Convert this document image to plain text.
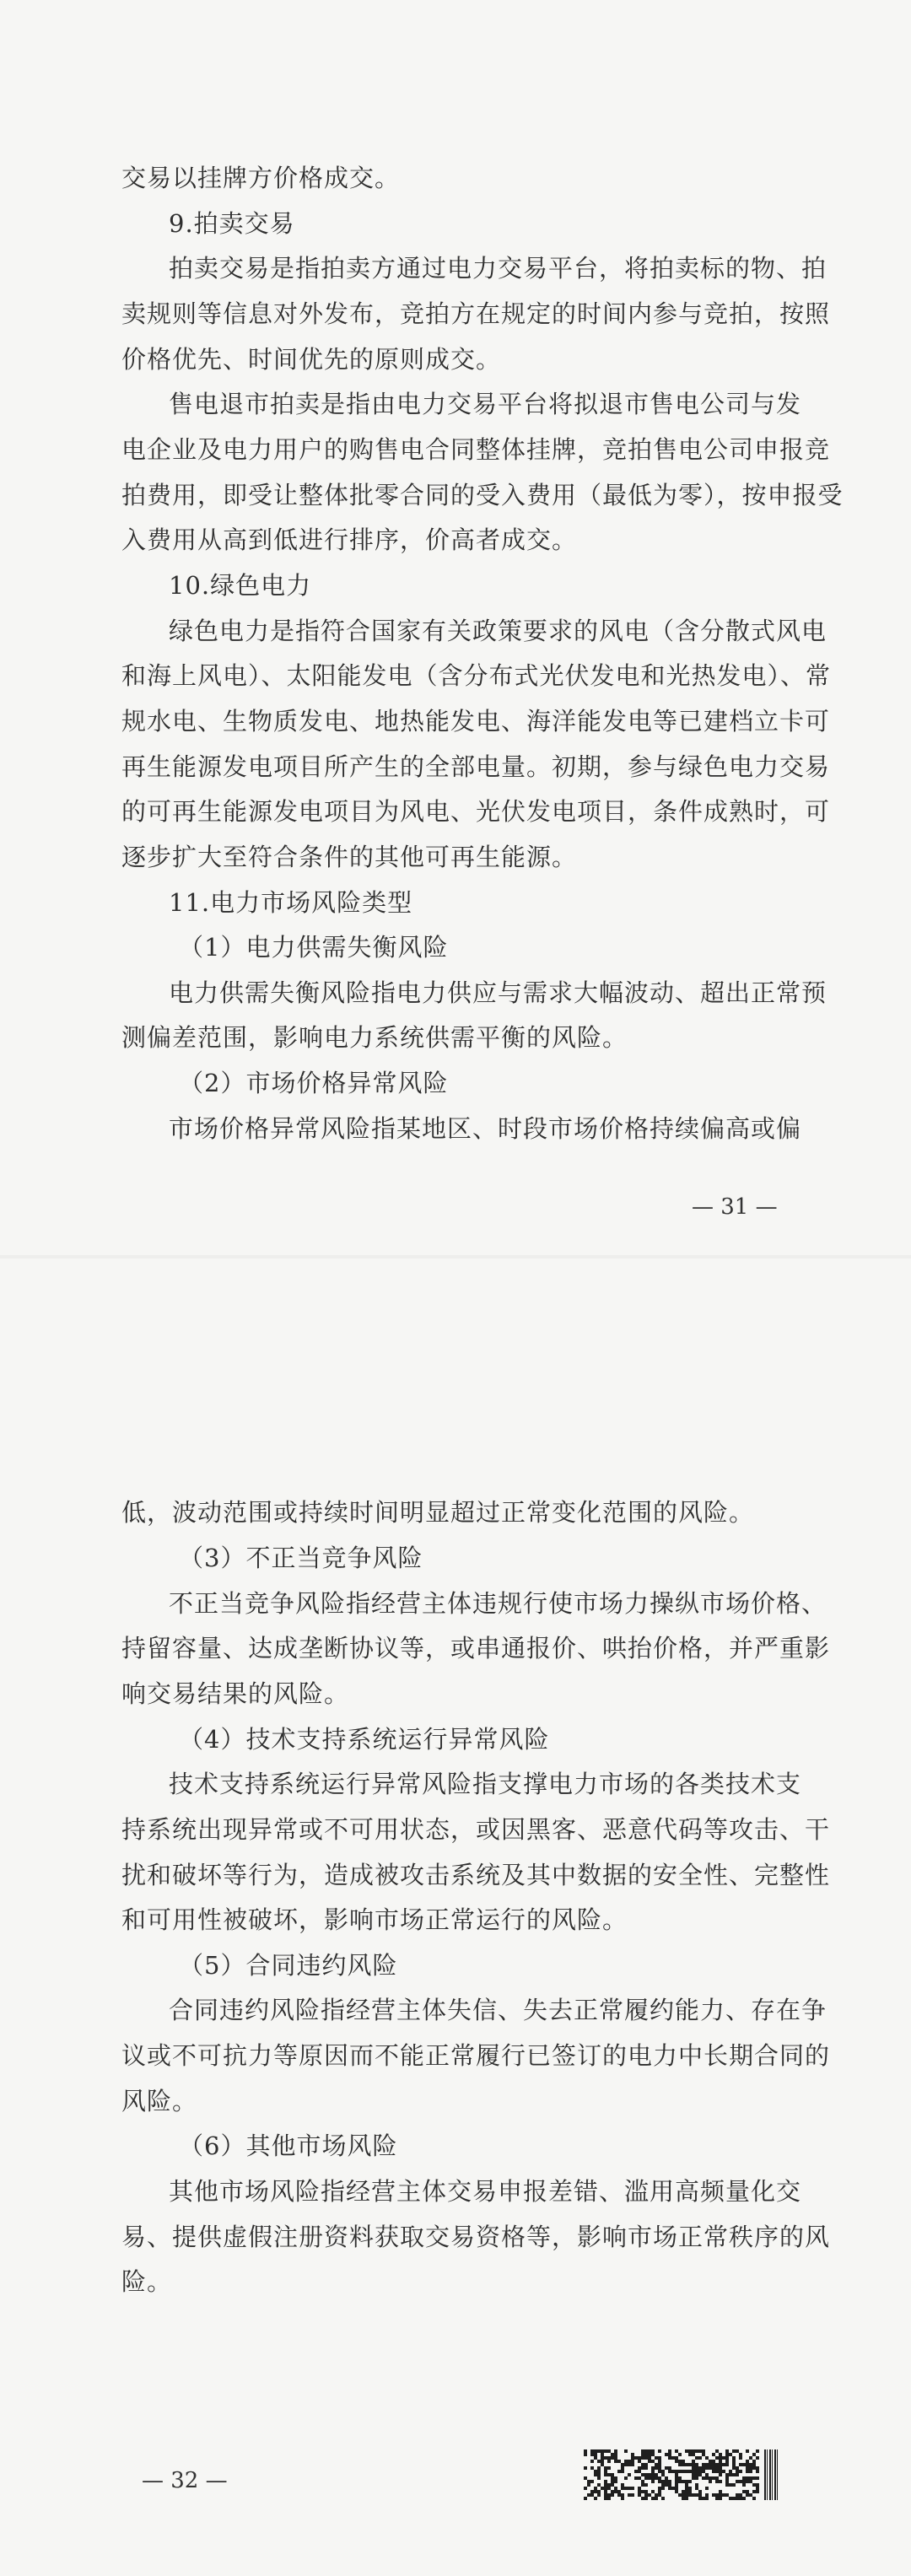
交易以挂牌方价格成交。
9.拍卖交易
拍卖交易是指拍卖方通过电力交易平台，将拍卖标的物、拍
卖规则等信息对外发布，竞拍方在规定的时间内参与竞拍，按照
价格优先、时间优先的原则成交。
售电退市拍卖是指由电力交易平台将拟退市售电公司与发
电企业及电力用户的购售电合同整体挂牌，竞拍售电公司申报竞
拍费用，即受让整体批零合同的受入费用（最低为零），按申报受
入费用从高到低进行排序，价高者成交。
10.绿色电力
绿色电力是指符合国家有关政策要求的风电（含分散式风电
和海上风电）、太阳能发电（含分布式光伏发电和光热发电）、常
规水电、生物质发电、地热能发电、海洋能发电等已建档立卡可
再生能源发电项目所产生的全部电量。初期，参与绿色电力交易
的可再生能源发电项目为风电、光伏发电项目，条件成熟时，可
逐步扩大至符合条件的其他可再生能源。
11.电力市场风险类型
（1）电力供需失衡风险
电力供需失衡风险指电力供应与需求大幅波动、超出正常预
测偏差范围，影响电力系统供需平衡的风险。
（2）市场价格异常风险
市场价格异常风险指某地区、时段市场价格持续偏高或偏
— 31 —
低，波动范围或持续时间明显超过正常变化范围的风险。
（3）不正当竞争风险
不正当竞争风险指经营主体违规行使市场力操纵市场价格、
持留容量、达成垄断协议等，或串通报价、哄抬价格，并严重影
响交易结果的风险。
（4）技术支持系统运行异常风险
技术支持系统运行异常风险指支撑电力市场的各类技术支
持系统出现异常或不可用状态，或因黑客、恶意代码等攻击、干
扰和破坏等行为，造成被攻击系统及其中数据的安全性、完整性
和可用性被破坏，影响市场正常运行的风险。
（5）合同违约风险
合同违约风险指经营主体失信、失去正常履约能力、存在争
议或不可抗力等原因而不能正常履行已签订的电力中长期合同的
风险。
（6）其他市场风险
其他市场风险指经营主体交易申报差错、滥用高频量化交
易、提供虚假注册资料获取交易资格等，影响市场正常秩序的风
险。
— 32 —
